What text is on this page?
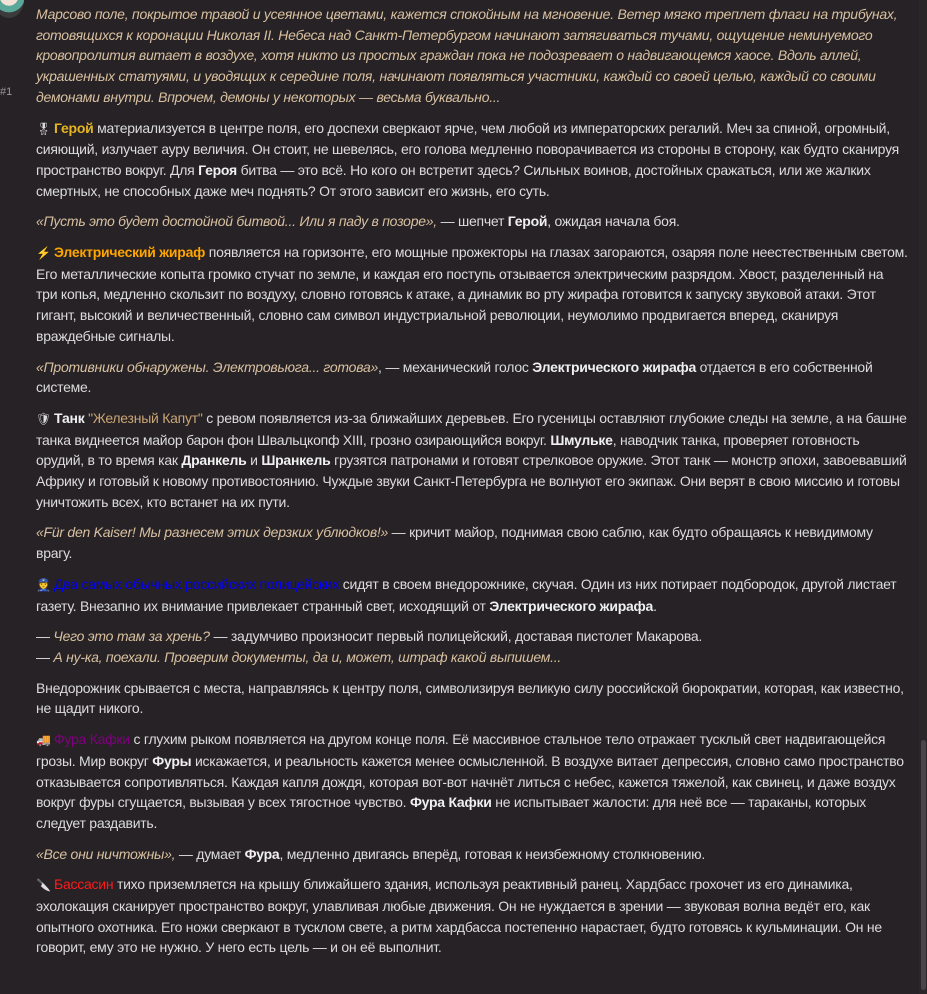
#1

Марсово поле, покрытое травой и усеянное цветами, кажется спокойным на мгновение. Ветер мягко треплет флаги на трибунах, готовящихся к коронации Николая II. Небеса над Санкт-Петербургом начинают затягиваться тучами, ощущение неминуемого кровопролития витает в воздухе, хотя никто из простых граждан пока не подозревает о надвигающемся хаосе. Вдоль аллей, украшенных статуями, и уводящих к середине поля, начинают появляться участники, каждый со своей целью, каждый со своими демонами внутри. Впрочем, демоны у некоторых — весьма буквально...

🎖 Герой материализуется в центре поля, его доспехи сверкают ярче, чем любой из императорских регалий. Меч за спиной, огромный, сияющий, излучает ауру величия. Он стоит, не шевелясь, его голова медленно поворачивается из стороны в сторону, как будто сканируя пространство вокруг. Для Героя битва — это всё. Но кого он встретит здесь? Сильных воинов, достойных сражаться, или же жалких смертных, не способных даже меч поднять? От этого зависит его жизнь, его суть.

«Пусть это будет достойной битвой... Или я паду в позоре», — шепчет Герой, ожидая начала боя.

⚡ Электрический жираф появляется на горизонте, его мощные прожекторы на глазах загораются, озаряя поле неестественным светом. Его металлические копыта громко стучат по земле, и каждая его поступь отзывается электрическим разрядом. Хвост, разделенный на три копья, медленно скользит по воздуху, словно готовясь к атаке, а динамик во рту жирафа готовится к запуску звуковой атаки. Этот гигант, высокий и величественный, словно сам символ индустриальной революции, неумолимо продвигается вперед, сканируя враждебные сигналы.

«Противники обнаружены. Электровьюга... готова», — механический голос Электрического жирафа отдается в его собственной системе.

🛡 Танк "Железный Капут" с ревом появляется из-за ближайших деревьев. Его гусеницы оставляют глубокие следы на земле, а на башне танка виднеется майор барон фон Швальцкопф XIII, грозно озирающийся вокруг. Шмульке, наводчик танка, проверяет готовность орудий, в то время как Дранкель и Шранкель грузятся патронами и готовят стрелковое оружие. Этот танк — монстр эпохи, завоевавший Африку и готовый к новому противостоянию. Чуждые звуки Санкт-Петербурга не волнуют его экипаж. Они верят в свою миссию и готовы уничтожить всех, кто встанет на их пути.

«Für den Kaiser! Мы разнесем этих дерзких ублюдков!» — кричит майор, поднимая свою саблю, как будто обращаясь к невидимому врагу.

👮 Два самых обычных российских полицейских сидят в своем внедорожнике, скучая. Один из них потирает подбородок, другой листает газету. Внезапно их внимание привлекает странный свет, исходящий от Электрического жирафа.

— Чего это там за хрень? — задумчиво произносит первый полицейский, доставая пистолет Макарова.
— А ну-ка, поехали. Проверим документы, да и, может, штраф какой выпишем...

Внедорожник срывается с места, направляясь к центру поля, символизируя великую силу российской бюрократии, которая, как известно, не щадит никого.

🚚 Фура Кафки с глухим рыком появляется на другом конце поля. Её массивное стальное тело отражает тусклый свет надвигающейся грозы. Мир вокруг Фуры искажается, и реальность кажется менее осмысленной. В воздухе витает депрессия, словно само пространство отказывается сопротивляться. Каждая капля дождя, которая вот-вот начнёт литься с небес, кажется тяжелой, как свинец, и даже воздух вокруг фуры сгущается, вызывая у всех тягостное чувство. Фура Кафки не испытывает жалости: для неё все — тараканы, которых следует раздавить.

«Все они ничтожны», — думает Фура, медленно двигаясь вперёд, готовая к неизбежному столкновению.

🔪 Бассасин тихо приземляется на крышу ближайшего здания, используя реактивный ранец. Хардбасс грохочет из его динамика, эхолокация сканирует пространство вокруг, улавливая любые движения. Он не нуждается в зрении — звуковая волна ведёт его, как опытного охотника. Его ножи сверкают в тусклом свете, а ритм хардбасса постепенно нарастает, будто готовясь к кульминации. Он не говорит, ему это не нужно. У него есть цель — и он её выполнит.
